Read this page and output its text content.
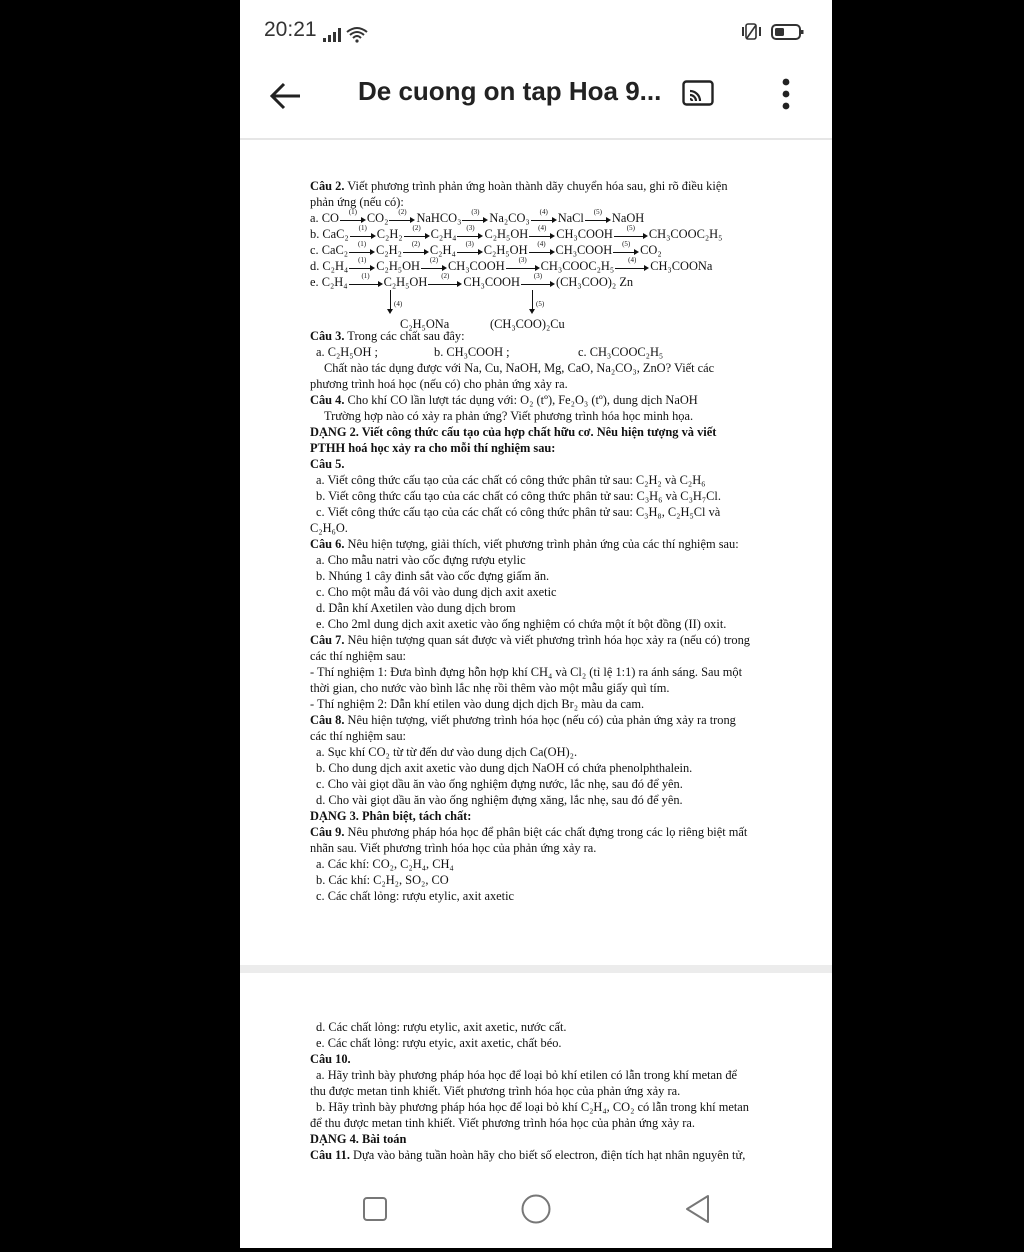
20:21
De cuong on tap Hoa 9...
Câu 2. Viết phương trình phản ứng hoàn thành dãy chuyển hóa sau, ghi rõ điều kiện
phản ứng (nếu có):
a. CO	(1) CO₂	(2) NaHCO₃	(3) Na₂CO₃	(4) NaCl	(5) NaOH
b. CaC₂	(1) C₂H₂	(2) C₂H₄	(3) C₂H₅OH	(4) CH₃COOH	(5)	CH₃COOC₂H₅
c. CaC₂	(1) C₂H₂	(2) C₂H₄	(3) C₂H₅OH	(4) CH₃COOH	(5) CO₂
d. C₂H₄	(1) C₂H₅OH	(2) CH₃COOH	(3)	CH₃COOC₂H₅	(4)	CH₃COONa
e. C₂H₄	(1)	C₂H₅OH	(2)	CH₃COOH	(3)	(CH₃COO)₂ Zn
(4)	(5)
C₂H₅ONa	(CH₃COO)₂Cu
Câu 3. Trong các chất sau đây:
a. C₂H₅OH ;	b. CH₃COOH ;	c. CH₃COOC₂H₅
Chất nào tác dụng được với Na, Cu, NaOH, Mg, CaO, Na₂CO₃, ZnO? Viết các
phương trình hoá học (nếu có) cho phản ứng xảy ra.
Câu 4. Cho khí CO lần lượt tác dụng với: O₂ (tº), Fe₂O₃ (tº), dung dịch NaOH
Trường hợp nào có xảy ra phản ứng? Viết phương trình hóa học minh họa.
DẠNG 2. Viết công thức cấu tạo của hợp chất hữu cơ. Nêu hiện tượng và viết
PTHH hoá học xảy ra cho mỗi thí nghiệm sau:
Câu 5.
a. Viết công thức cấu tạo của các chất có công thức phân tử sau: C₂H₂ và C₂H₆
b. Viết công thức cấu tạo của các chất có công thức phân tử sau: C₃H₆ và C₃H₇Cl.
c. Viết công thức cấu tạo của các chất có công thức phân tử sau: C₃H₈, C₂H₅Cl và
C₂H₆O.
Câu 6. Nêu hiện tượng, giải thích, viết phương trình phản ứng của các thí nghiệm sau:
a. Cho mẫu natri vào cốc đựng rượu etylic
b. Nhúng 1 cây đinh sắt vào cốc đựng giấm ăn.
c. Cho một mẫu đá vôi vào dung dịch axit axetic
d. Dẫn khí Axetilen vào dung dịch brom
e. Cho 2ml dung dịch axit axetic vào ống nghiệm có chứa một ít bột đồng (II) oxit.
Câu 7. Nêu hiện tượng quan sát được và viết phương trình hóa học xảy ra (nếu có) trong
các thí nghiệm sau:
- Thí nghiệm 1: Đưa bình đựng hỗn hợp khí CH₄ và Cl₂ (tỉ lệ 1:1) ra ánh sáng. Sau một
thời gian, cho nước vào bình lắc nhẹ rồi thêm vào một mẫu giấy quì tím.
- Thí nghiệm 2: Dẫn khí etilen vào dung dịch dịch Br₂ màu da cam.
Câu 8. Nêu hiện tượng, viết phương trình hóa học (nếu có) của phản ứng xảy ra trong
các thí nghiệm sau:
a. Sục khí CO₂ từ từ đến dư vào dung dịch Ca(OH)₂.
b. Cho dung dịch axit axetic vào dung dịch NaOH có chứa phenolphthalein.
c. Cho vài giọt dầu ăn vào ống nghiệm đựng nước, lắc nhẹ, sau đó để yên.
d. Cho vài giọt dầu ăn vào ống nghiệm đựng xăng, lắc nhẹ, sau đó để yên.
DẠNG 3. Phân biệt, tách chất:
Câu 9. Nêu phương pháp hóa học để phân biệt các chất đựng trong các lọ riêng biệt mất
nhãn sau. Viết phương trình hóa học của phản ứng xảy ra.
a. Các khí: CO₂, C₂H₄, CH₄
b. Các khí: C₂H₂, SO₂, CO
c. Các chất lỏng: rượu etylic, axit axetic
d. Các chất lỏng: rượu etylic, axit axetic, nước cất.
e. Các chất lỏng: rượu etyic, axit axetic, chất béo.
Câu 10.
a. Hãy trình bày phương pháp hóa học để loại bỏ khí etilen có lẫn trong khí metan để
thu được metan tinh khiết. Viết phương trình hóa học của phản ứng xảy ra.
b. Hãy trình bày phương pháp hóa học để loại bỏ khí C₂H₄, CO₂ có lẫn trong khí metan
để thu được metan tinh khiết. Viết phương trình hóa học của phản ứng xảy ra.
DẠNG 4. Bài toán
Câu 11. Dựa vào bảng tuần hoàn hãy cho biết số electron, điện tích hạt nhân nguyên tử,
